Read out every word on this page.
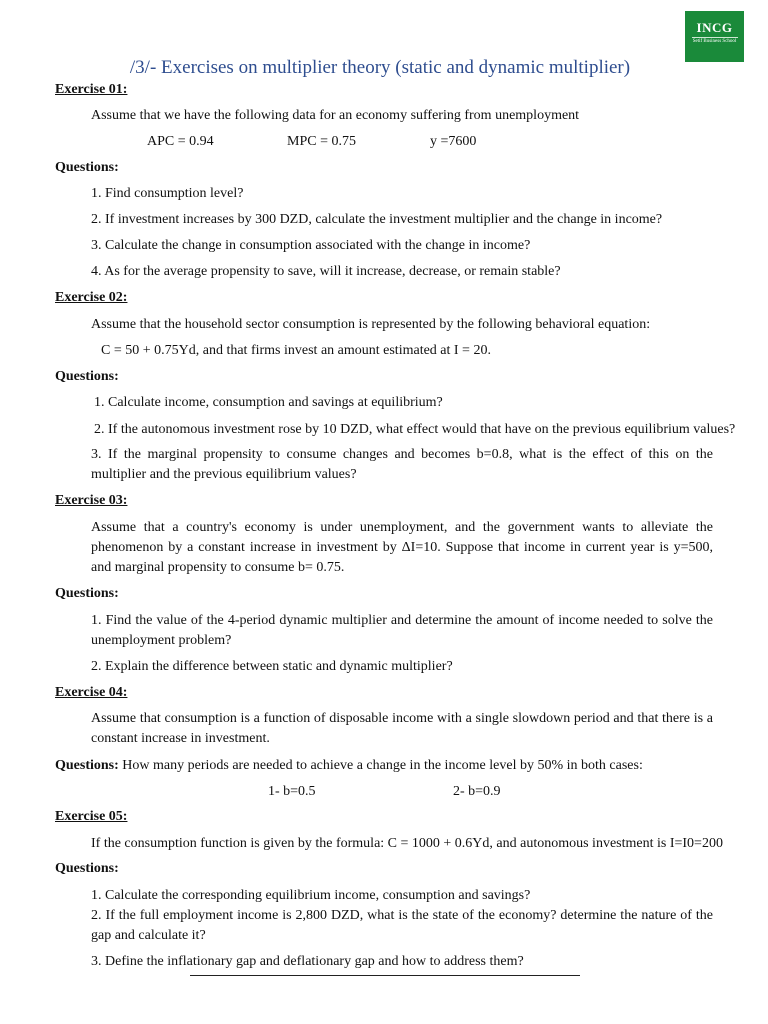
INCG
Setif Business School
/3/- Exercises on multiplier theory (static and dynamic multiplier)
Exercise 01:
Assume that we have the following data for an economy suffering from unemployment
APC = 0.94	MPC = 0.75	y =7600
Questions:
1. Find consumption level?
2. If investment increases by 300 DZD, calculate the investment multiplier and the change in income?
3. Calculate the change in consumption associated with the change in income?
4. As for the average propensity to save, will it increase, decrease, or remain stable?
Exercise 02:
Assume that the household sector consumption is represented by the following behavioral equation:
C = 50 + 0.75Yd, and that firms invest an amount estimated at I = 20.
Questions:
1. Calculate income, consumption and savings at equilibrium?
2. If the autonomous investment rose by 10 DZD, what effect would that have on the previous equilibrium values?
3. If the marginal propensity to consume changes and becomes b=0.8, what is the effect of this on the multiplier and the previous equilibrium values?
Exercise 03:
Assume that a country's economy is under unemployment, and the government wants to alleviate the phenomenon by a constant increase in investment by ΔI=10. Suppose that income in current year is y=500, and marginal propensity to consume b= 0.75.
Questions:
1. Find the value of the 4-period dynamic multiplier and determine the amount of income needed to solve the unemployment problem?
2. Explain the difference between static and dynamic multiplier?
Exercise 04:
Assume that consumption is a function of disposable income with a single slowdown period and that there is a constant increase in investment.
Questions: How many periods are needed to achieve a change in the income level by 50% in both cases:
1- b=0.5	2- b=0.9
Exercise 05:
If the consumption function is given by the formula: C = 1000 + 0.6Yd, and autonomous investment is I=I0=200
Questions:
1. Calculate the corresponding equilibrium income, consumption and savings?
2. If the full employment income is 2,800 DZD, what is the state of the economy? determine the nature of the gap and calculate it?
3. Define the inflationary gap and deflationary gap and how to address them?
